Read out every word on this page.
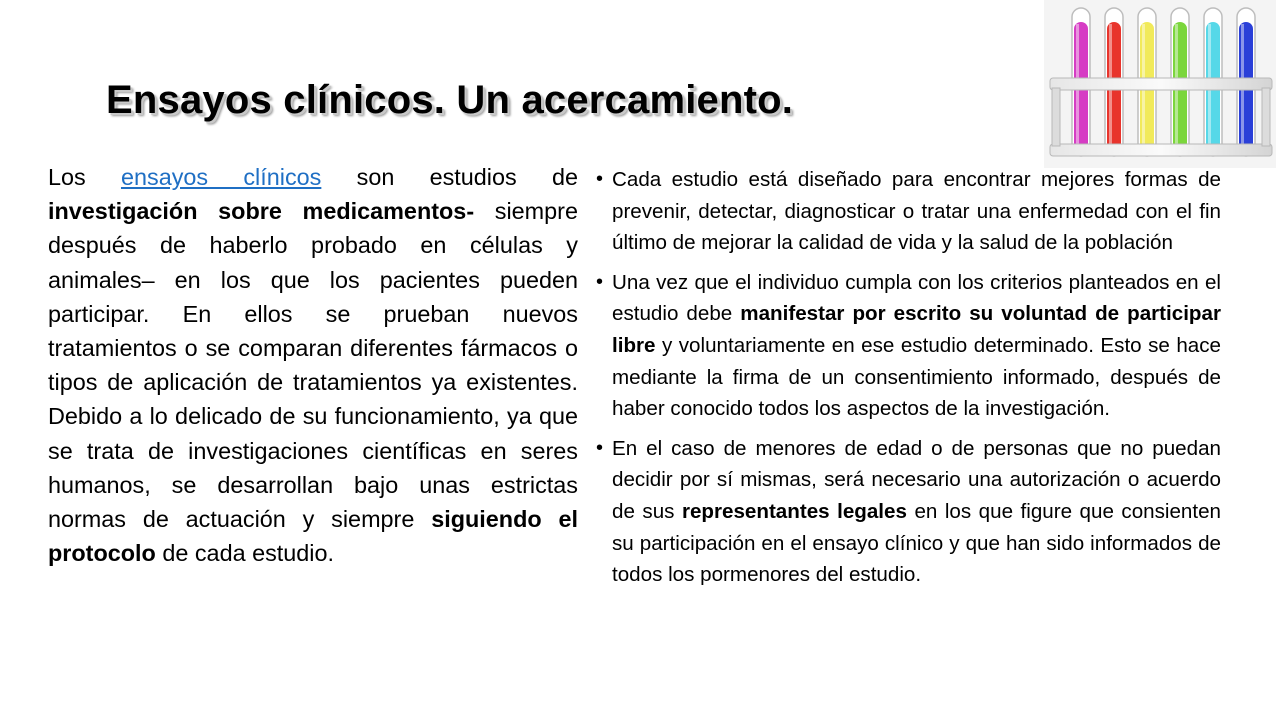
Ensayos clínicos. Un acercamiento.
Los ensayos clínicos son estudios de investigación sobre medicamentos- siempre después de haberlo probado en células y animales– en los que los pacientes pueden participar. En ellos se prueban nuevos tratamientos o se comparan diferentes fármacos o tipos de aplicación de tratamientos ya existentes. Debido a lo delicado de su funcionamiento, ya que se trata de investigaciones científicas en seres humanos, se desarrollan bajo unas estrictas normas de actuación y siempre siguiendo el protocolo de cada estudio.
• Cada estudio está diseñado para encontrar mejores formas de prevenir, detectar, diagnosticar o tratar una enfermedad con el fin último de mejorar la calidad de vida y la salud de la población
• Una vez que el individuo cumpla con los criterios planteados en el estudio debe manifestar por escrito su voluntad de participar libre y voluntariamente en ese estudio determinado. Esto se hace mediante la firma de un consentimiento informado, después de haber conocido todos los aspectos de la investigación.
• En el caso de menores de edad o de personas que no puedan decidir por sí mismas, será necesario una autorización o acuerdo de sus representantes legales en los que figure que consienten su participación en el ensayo clínico y que han sido informados de todos los pormenores del estudio.
